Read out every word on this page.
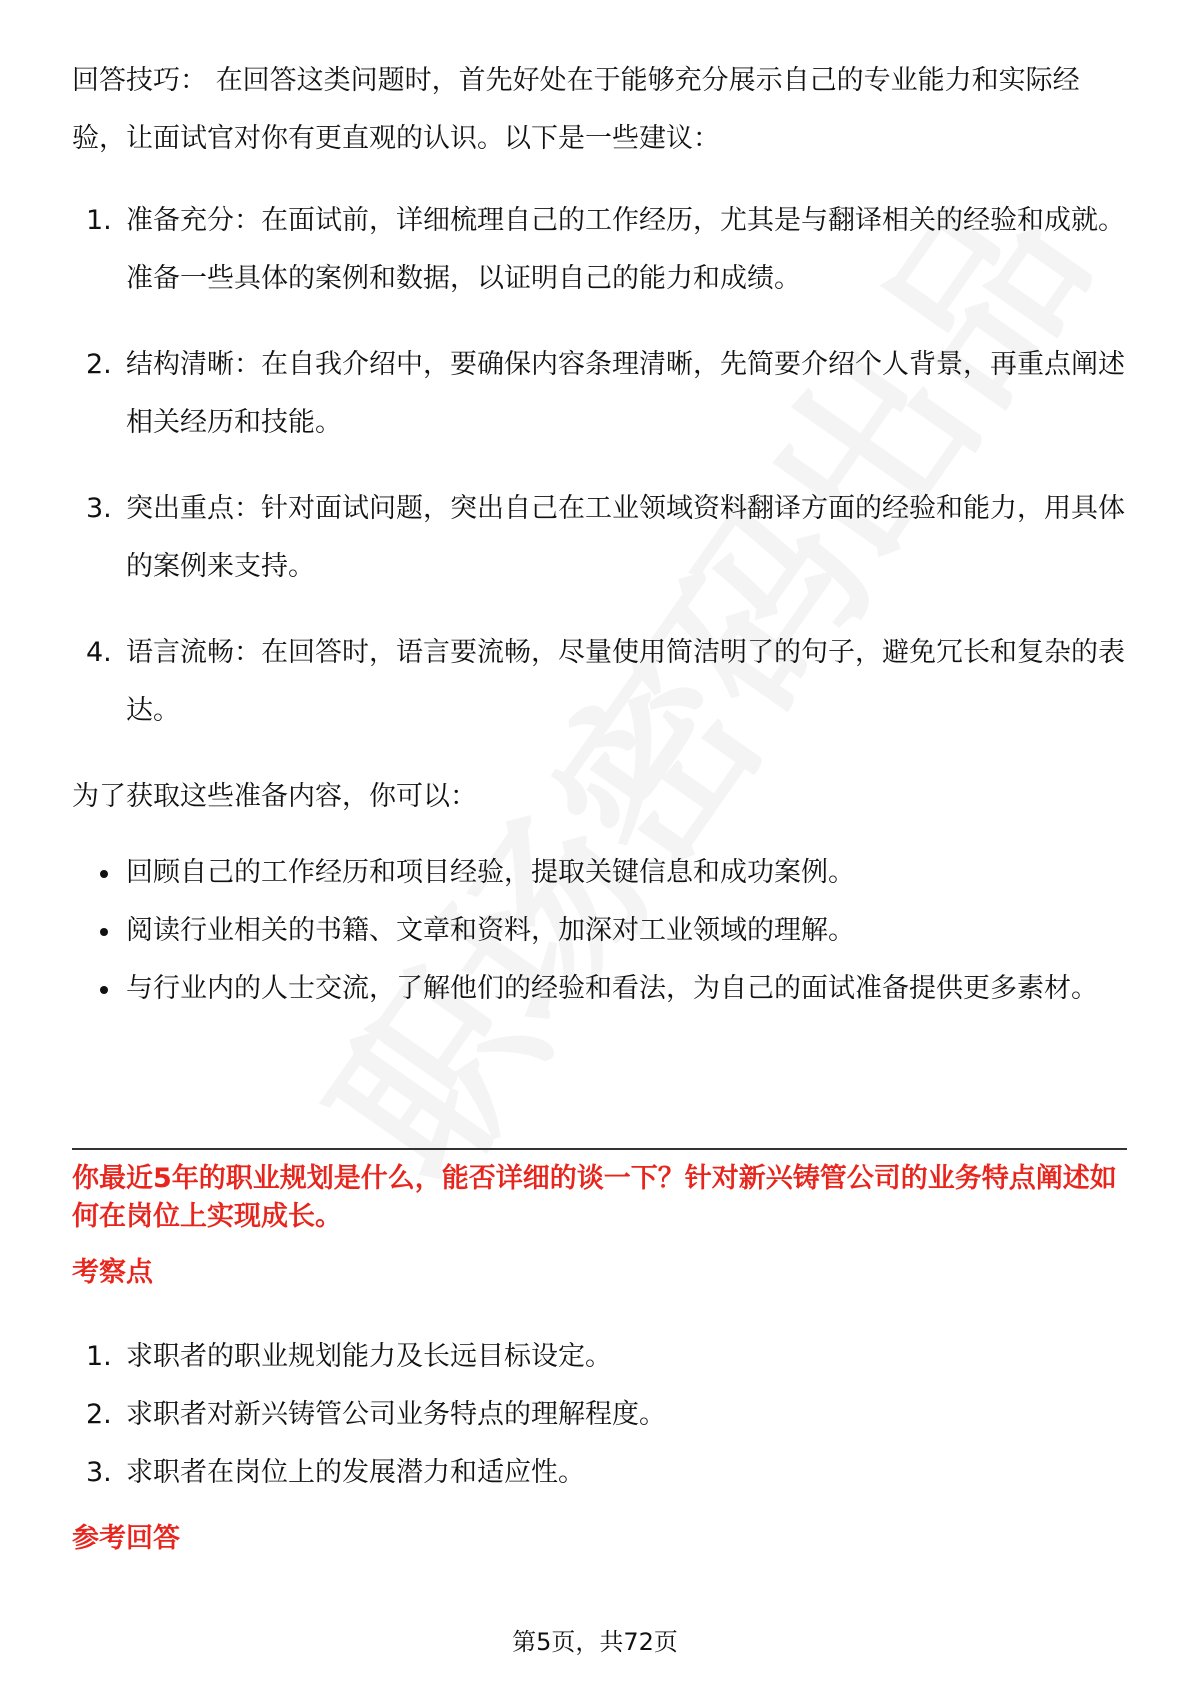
回答技巧： 在回答这类问题时，首先好处在于能够充分展示自己的专业能力和实际经验，让面试官对你有更直观的认识。以下是一些建议：

1. 准备充分：在面试前，详细梳理自己的工作经历，尤其是与翻译相关的经验和成就。准备一些具体的案例和数据，以证明自己的能力和成绩。
2. 结构清晰：在自我介绍中，要确保内容条理清晰，先简要介绍个人背景，再重点阐述相关经历和技能。
3. 突出重点：针对面试问题，突出自己在工业领域资料翻译方面的经验和能力，用具体的案例来支持。
4. 语言流畅：在回答时，语言要流畅，尽量使用简洁明了的句子，避免冗长和复杂的表达。

为了获取这些准备内容，你可以：

回顾自己的工作经历和项目经验，提取关键信息和成功案例。
阅读行业相关的书籍、文章和资料，加深对工业领域的理解。
与行业内的人士交流，了解他们的经验和看法，为自己的面试准备提供更多素材。
你最近5年的职业规划是什么，能否详细的谈一下？针对新兴铸管公司的业务特点阐述如何在岗位上实现成长。
考察点
1. 求职者的职业规划能力及长远目标设定。
2. 求职者对新兴铸管公司业务特点的理解程度。
3. 求职者在岗位上的发展潜力和适应性。
参考回答
第5页，共72页
